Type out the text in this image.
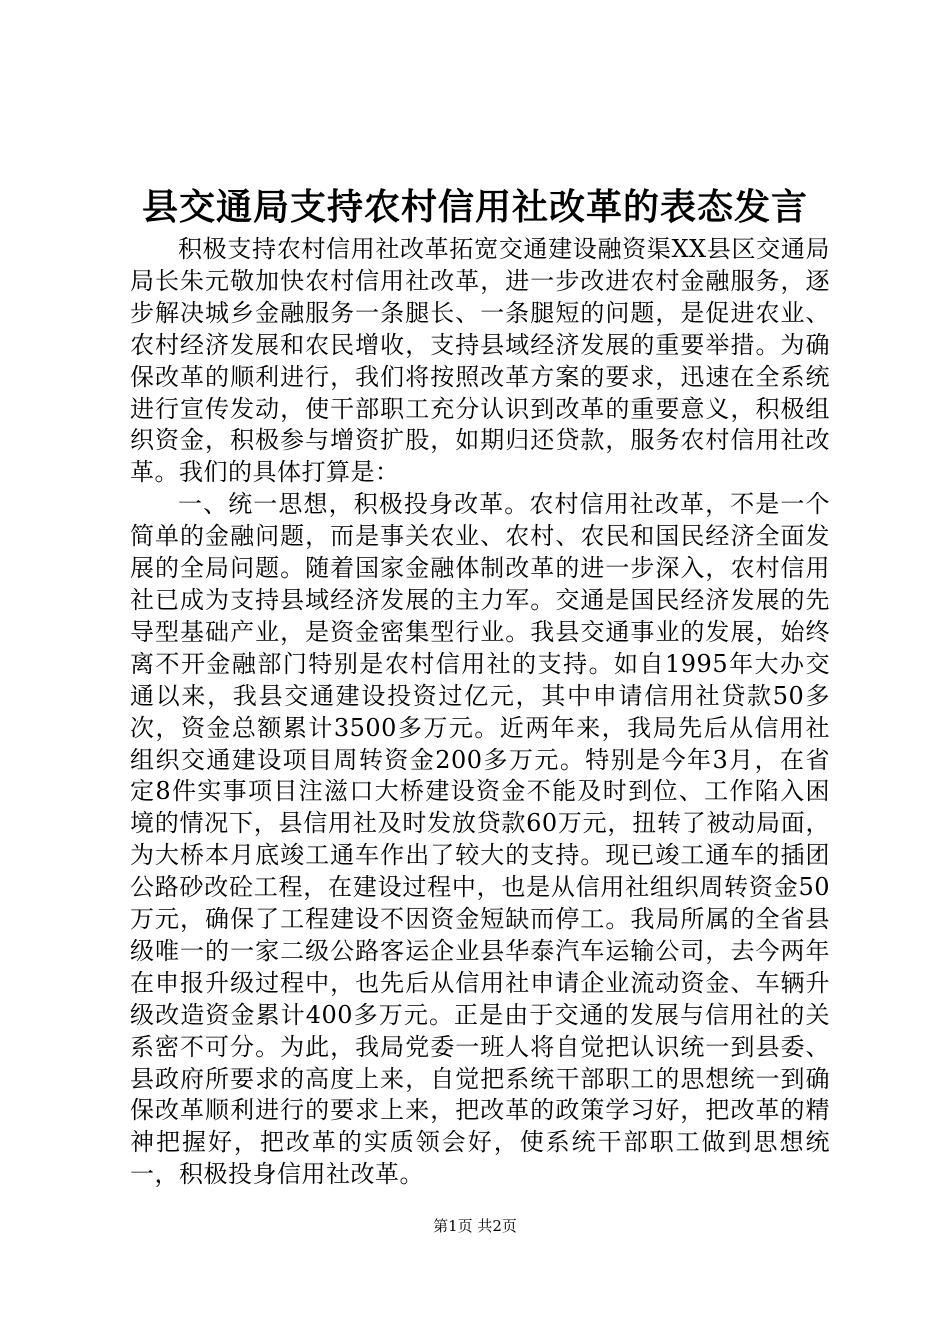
县交通局支持农村信用社改革的表态发言

积极支持农村信用社改革拓宽交通建设融资渠XX县区交通局局长朱元敬加快农村信用社改革，进一步改进农村金融服务，逐步解决城乡金融服务一条腿长、一条腿短的问题，是促进农业、农村经济发展和农民增收，支持县域经济发展的重要举措。为确保改革的顺利进行，我们将按照改革方案的要求，迅速在全系统进行宣传发动，使干部职工充分认识到改革的重要意义，积极组织资金，积极参与增资扩股，如期归还贷款，服务农村信用社改革。我们的具体打算是：

一、统一思想，积极投身改革。农村信用社改革，不是一个简单的金融问题，而是事关农业、农村、农民和国民经济全面发展的全局问题。随着国家金融体制改革的进一步深入，农村信用社已成为支持县域经济发展的主力军。交通是国民经济发展的先导型基础产业，是资金密集型行业。我县交通事业的发展，始终离不开金融部门特别是农村信用社的支持。如自1995年大办交通以来，我县交通建设投资过亿元，其中申请信用社贷款50多次，资金总额累计3500多万元。近两年来，我局先后从信用社组织交通建设项目周转资金200多万元。特别是今年3月，在省定8件实事项目注滋口大桥建设资金不能及时到位、工作陷入困境的情况下，县信用社及时发放贷款60万元，扭转了被动局面，为大桥本月底竣工通车作出了较大的支持。现已竣工通车的插团公路砂改砼工程，在建设过程中，也是从信用社组织周转资金50万元，确保了工程建设不因资金短缺而停工。我局所属的全省县级唯一的一家二级公路客运企业县华泰汽车运输公司，去今两年在申报升级过程中，也先后从信用社申请企业流动资金、车辆升级改造资金累计400多万元。正是由于交通的发展与信用社的关系密不可分。为此，我局党委一班人将自觉把认识统一到县委、县政府所要求的高度上来，自觉把系统干部职工的思想统一到确保改革顺利进行的要求上来，把改革的政策学习好，把改革的精神把握好，把改革的实质领会好，使系统干部职工做到思想统一，积极投身信用社改革。

第1页 共2页
